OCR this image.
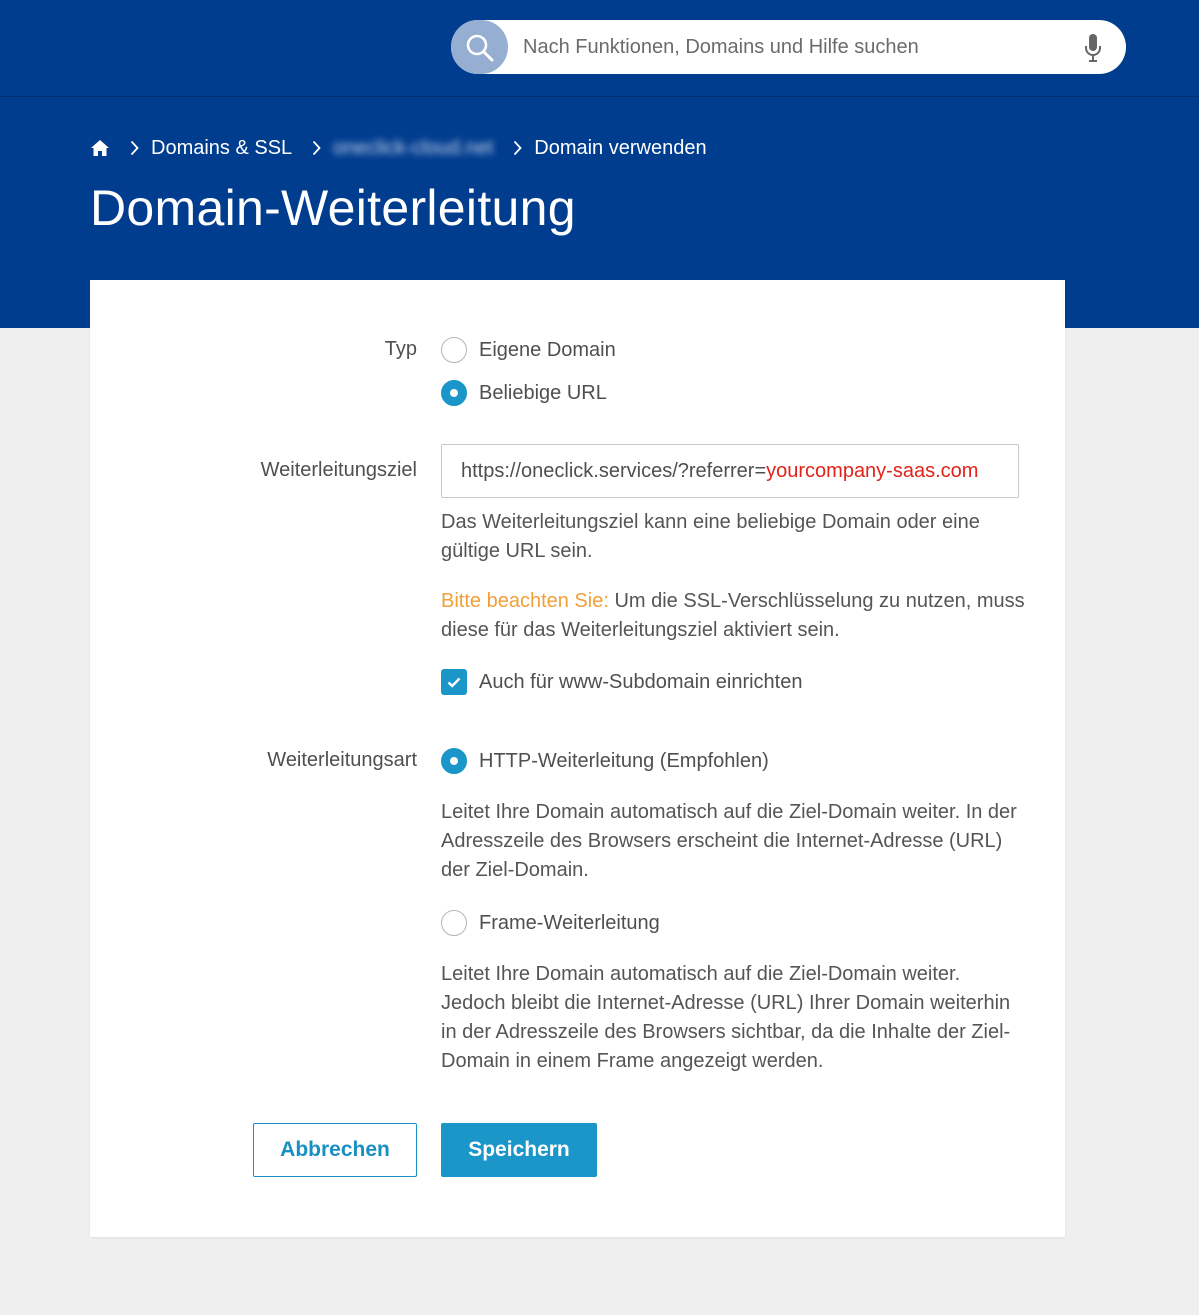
Nach Funktionen, Domains und Hilfe suchen
Domains & SSL oneclick-cloud.net Domain verwenden
Domain-Weiterleitung
Typ	Eigene Domain
Beliebige URL
Weiterleitungsziel https://oneclick.services/?referrer= yourcompany-saas.com

Das Weiterleitungsziel kann eine beliebige Domain oder eine gültige URL sein.

Bitte beachten Sie: Um die SSL-Verschlüsselung zu nutzen, muss diese für das Weiterleitungsziel aktiviert sein.

Auch für www-Subdomain einrichten
Weiterleitungsart	HTTP-Weiterleitung (Empfohlen)

Leitet Ihre Domain automatisch auf die Ziel-Domain weiter. In der Adresszeile des Browsers erscheint die Internet-Adresse (URL) der Ziel-Domain.

Frame-Weiterleitung

Leitet Ihre Domain automatisch auf die Ziel-Domain weiter. Jedoch bleibt die Internet-Adresse (URL) Ihrer Domain weiterhin in der Adresszeile des Browsers sichtbar, da die Inhalte der Ziel-Domain in einem Frame angezeigt werden.

Abbrechen	Speichern
